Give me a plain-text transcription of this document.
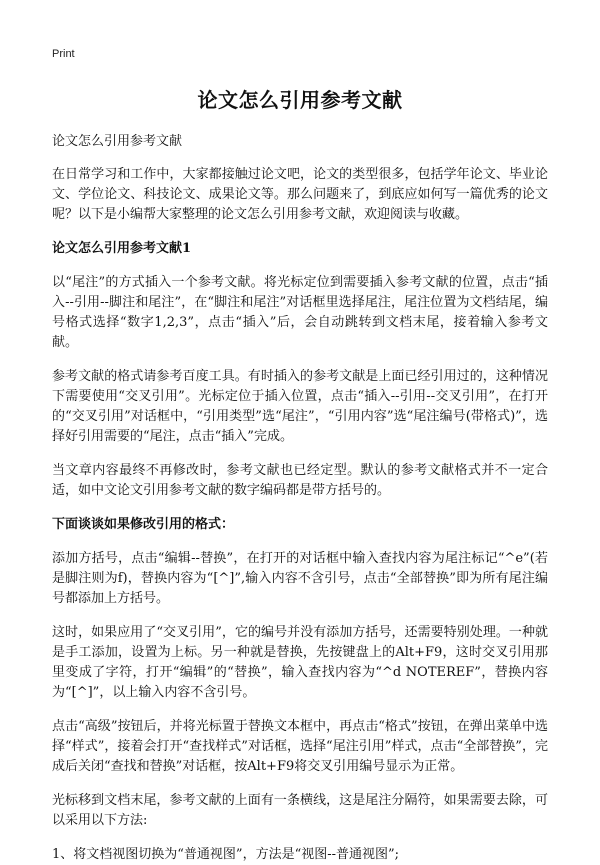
Print
论文怎么引用参考文献
论文怎么引用参考文献

在日常学习和工作中，大家都接触过论文吧，论文的类型很多，包括学年论文、毕业论文、学位论文、科技论文、成果论文等。那么问题来了，到底应如何写一篇优秀的论文呢？以下是小编帮大家整理的论文怎么引用参考文献，欢迎阅读与收藏。

论文怎么引用参考文献1

以“尾注”的方式插入一个参考文献。将光标定位到需要插入参考文献的位置，点击“插入--引用--脚注和尾注”，在“脚注和尾注”对话框里选择尾注，尾注位置为文档结尾，编号格式选择“数字1,2,3”，点击“插入”后，会自动跳转到文档末尾，接着输入参考文献。

参考文献的格式请参考百度工具。有时插入的参考文献是上面已经引用过的，这种情况下需要使用“交叉引用”。光标定位于插入位置，点击“插入--引用--交叉引用”，在打开的“交叉引用”对话框中，“引用类型”选“尾注”，“引用内容”选“尾注编号(带格式)”，选择好引用需要的“尾注，点击“插入”完成。

当文章内容最终不再修改时，参考文献也已经定型。默认的参考文献格式并不一定合适，如中文论文引用参考文献的数字编码都是带方括号的。

下面谈谈如果修改引用的格式：

添加方括号，点击“编辑--替换”，在打开的对话框中输入查找内容为尾注标记“^e”(若是脚注则为f)，替换内容为“[^]”,输入内容不含引号，点击“全部替换”即为所有尾注编号都添加上方括号。

这时，如果应用了“交叉引用”，它的编号并没有添加方括号，还需要特别处理。一种就是手工添加，设置为上标。另一种就是替换，先按键盘上的Alt+F9，这时交叉引用那里变成了字符，打开“编辑”的“替换”，输入查找内容为“^d NOTEREF”，替换内容为“[^]”，以上输入内容不含引号。

点击“高级”按钮后，并将光标置于替换文本框中，再点击“格式”按钮，在弹出菜单中选择“样式”，接着会打开“查找样式”对话框，选择“尾注引用”样式，点击“全部替换”，完成后关闭“查找和替换”对话框，按Alt+F9将交叉引用编号显示为正常。

光标移到文档末尾，参考文献的上面有一条横线，这是尾注分隔符，如果需要去除，可以采用以下方法:

1、将文档视图切换为“普通视图”，方法是“视图--普通视图”;
